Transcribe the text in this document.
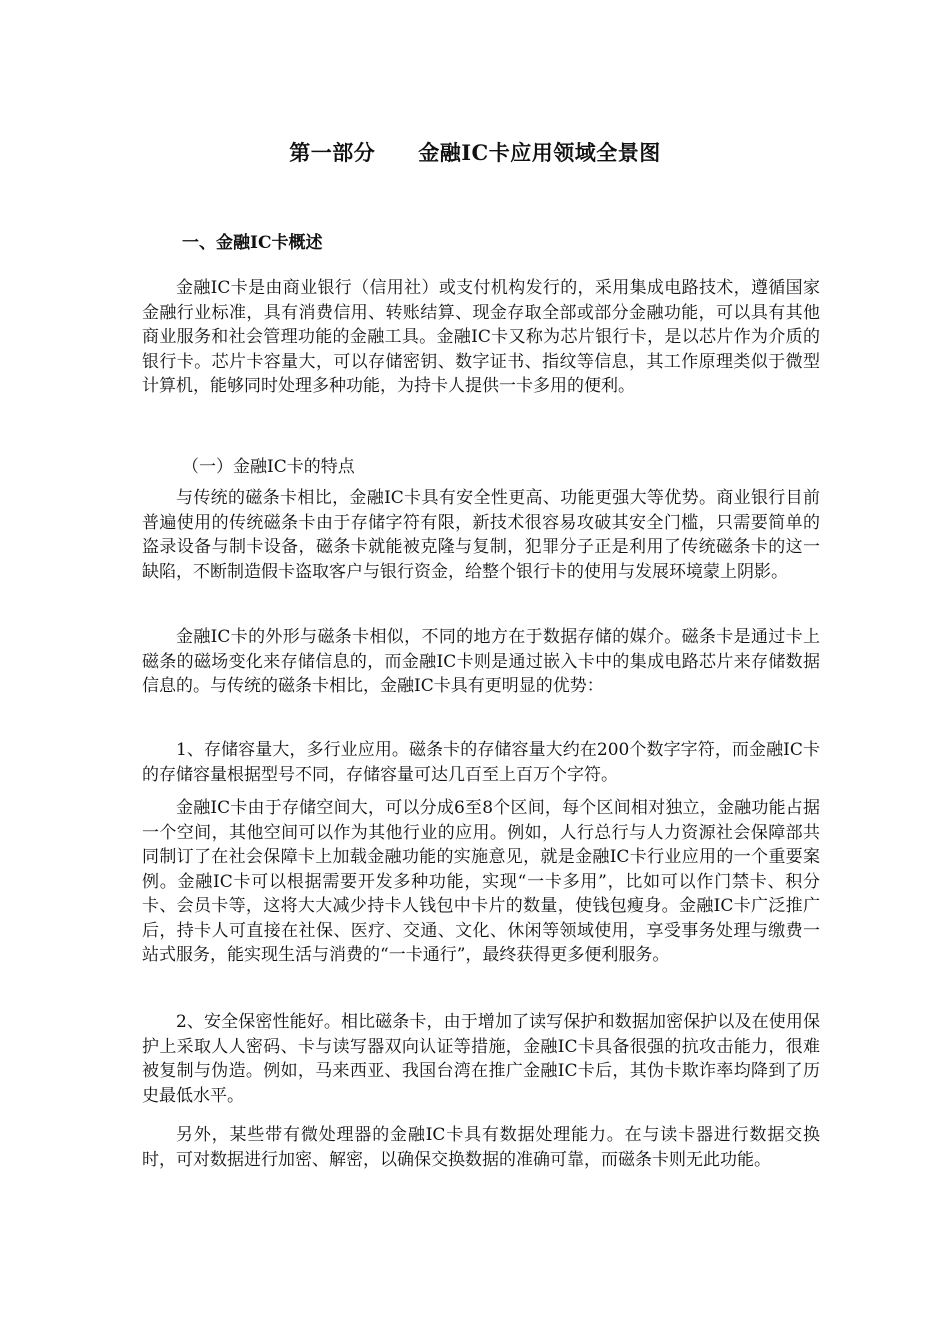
第一部分　　金融IC卡应用领域全景图
一、金融IC卡概述

金融IC卡是由商业银行（信用社）或支付机构发行的，采用集成电路技术，遵循国家金融行业标准，具有消费信用、转账结算、现金存取全部或部分金融功能，可以具有其他商业服务和社会管理功能的金融工具。金融IC卡又称为芯片银行卡，是以芯片作为介质的银行卡。芯片卡容量大，可以存储密钥、数字证书、指纹等信息，其工作原理类似于微型计算机，能够同时处理多种功能，为持卡人提供一卡多用的便利。

（一）金融IC卡的特点

与传统的磁条卡相比，金融IC卡具有安全性更高、功能更强大等优势。商业银行目前普遍使用的传统磁条卡由于存储字符有限，新技术很容易攻破其安全门槛，只需要简单的盗录设备与制卡设备，磁条卡就能被克隆与复制，犯罪分子正是利用了传统磁条卡的这一缺陷，不断制造假卡盗取客户与银行资金，给整个银行卡的使用与发展环境蒙上阴影。

金融IC卡的外形与磁条卡相似，不同的地方在于数据存储的媒介。磁条卡是通过卡上磁条的磁场变化来存储信息的，而金融IC卡则是通过嵌入卡中的集成电路芯片来存储数据信息的。与传统的磁条卡相比，金融IC卡具有更明显的优势：

1、存储容量大，多行业应用。磁条卡的存储容量大约在200个数字字符，而金融IC卡的存储容量根据型号不同，存储容量可达几百至上百万个字符。

金融IC卡由于存储空间大，可以分成6至8个区间，每个区间相对独立，金融功能占据一个空间，其他空间可以作为其他行业的应用。例如，人行总行与人力资源社会保障部共同制订了在社会保障卡上加载金融功能的实施意见，就是金融IC卡行业应用的一个重要案例。金融IC卡可以根据需要开发多种功能，实现“一卡多用”，比如可以作门禁卡、积分卡、会员卡等，这将大大减少持卡人钱包中卡片的数量，使钱包瘦身。金融IC卡广泛推广后，持卡人可直接在社保、医疗、交通、文化、休闲等领域使用，享受事务处理与缴费一站式服务，能实现生活与消费的“一卡通行”，最终获得更多便利服务。

2、安全保密性能好。相比磁条卡，由于增加了读写保护和数据加密保护以及在使用保护上采取人人密码、卡与读写器双向认证等措施，金融IC卡具备很强的抗攻击能力，很难被复制与伪造。例如，马来西亚、我国台湾在推广金融IC卡后，其伪卡欺诈率均降到了历史最低水平。

另外，某些带有微处理器的金融IC卡具有数据处理能力。在与读卡器进行数据交换时，可对数据进行加密、解密，以确保交换数据的准确可靠，而磁条卡则无此功能。
